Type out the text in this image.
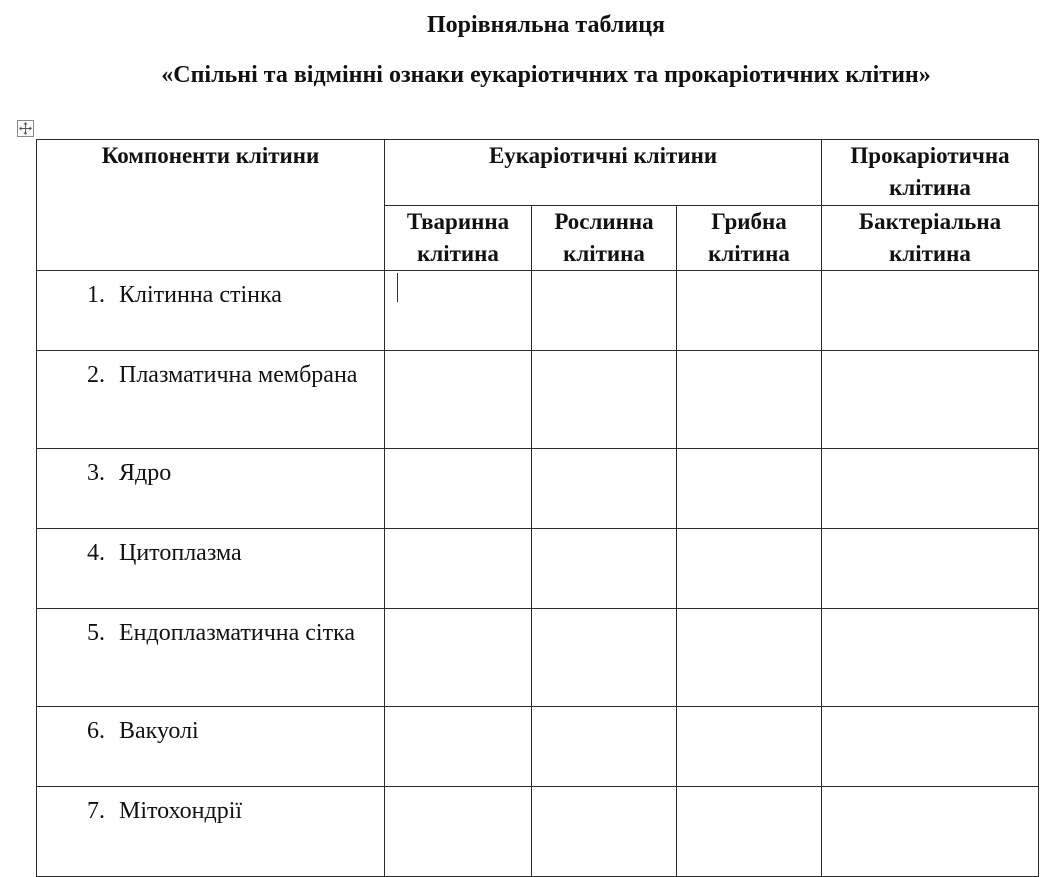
Порівняльна таблиця
«Спільні та відмінні ознаки еукаріотичних та прокаріотичних клітин»
Компоненти клітини	Еукаріотичні клітини			Прокаріотична клітина
	Тваринна клітина	Рослинна клітина	Грибна клітина	Бактеріальна клітина

1. Клітинна стінка				

2. Плазматична мембрана				

3. Ядро				

4. Цитоплазма				

5. Ендоплазматична сітка				

6. Вакуолі				

7. Мітохондрії				
